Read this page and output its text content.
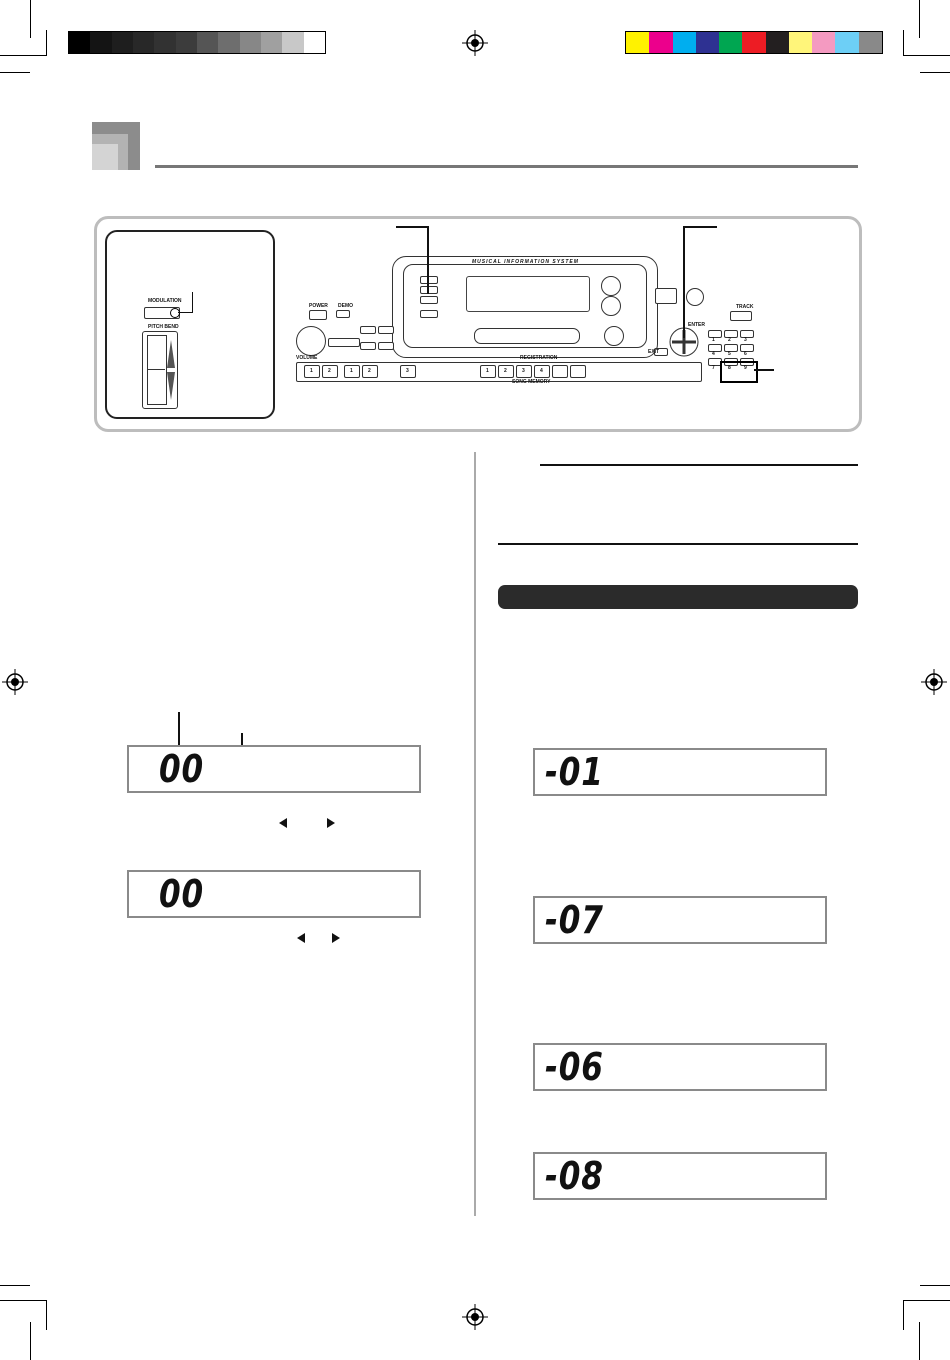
MODULATION
PITCH BEND
MUSICAL INFORMATION SYSTEM
POWER DEMO
VOLUME
1	2	1	2	3	1	2	3	4
SONG MEMORY
REGISTRATION
ENTER
EXIT
TRACK
1	2	3
4	5	6
7	8	9
00
00
-01
-07
-06
-08
